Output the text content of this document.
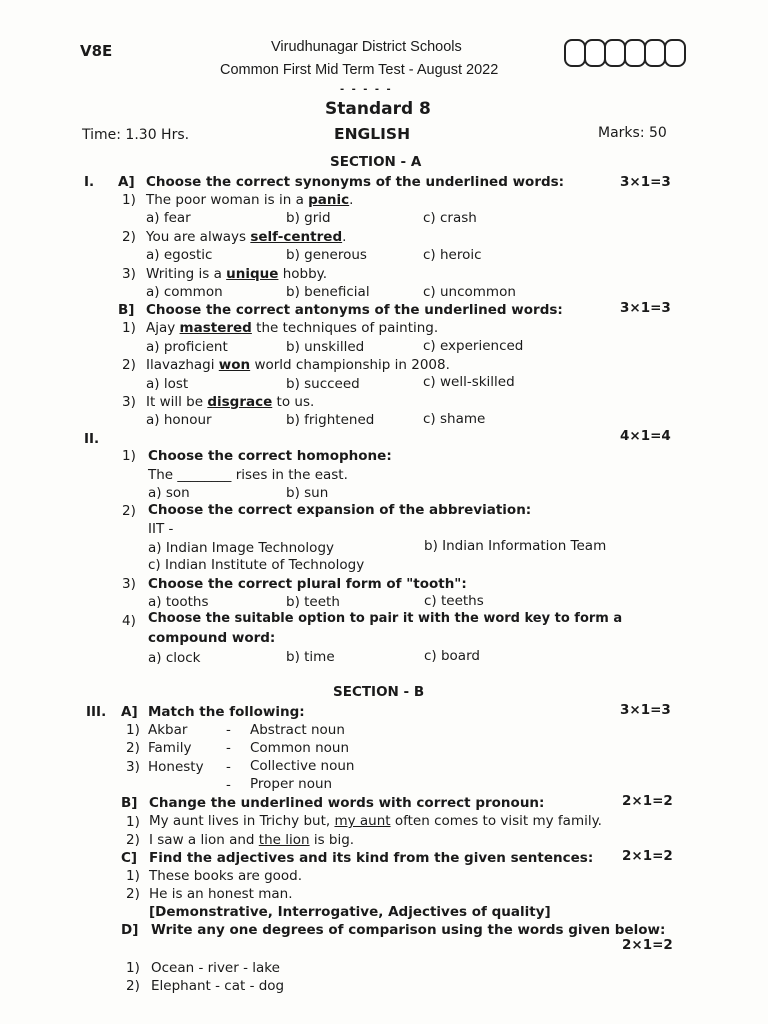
V8E	Virudhunagar District Schools
Common First Mid Term Test - August 2022
- - - - -
Standard 8
Time: 1.30 Hrs.	ENGLISH	Marks: 50
SECTION - A
I. A] Choose the correct synonyms of the underlined words:	3×1=3
1) The poor woman is in a panic.
a) fear	b) grid	c) crash
2) You are always self-centred.
a) egostic	b) generous	c) heroic
3) Writing is a unique hobby.
a) common	b) beneficial	c) uncommon
B] Choose the correct antonyms of the underlined words:	3×1=3
1) Ajay mastered the techniques of painting.
a) proficient	b) unskilled	c) experienced
2) Ilavazhagi won world championship in 2008.
a) lost	b) succeed	c) well-skilled
3) It will be disgrace to us.
a) honour	b) frightened	c) shame
II.	4×1=4
1) Choose the correct homophone:
The ________ rises in the east.
a) son	b) sun
2) Choose the correct expansion of the abbreviation:
IIT -
a) Indian Image Technology	b) Indian Information Team
c) Indian Institute of Technology
3) Choose the correct plural form of "tooth":
a) tooths	b) teeth	c) teeths
4) Choose the suitable option to pair it with the word key to form a
compound word:
a) clock	b) time	c) board
SECTION - B
III. A] Match the following:	3×1=3
1) Akbar	- Abstract noun
2) Family	- Common noun
3) Honesty - Collective noun
- Proper noun
B] Change the underlined words with correct pronoun:	2×1=2
1) My aunt lives in Trichy but, my aunt often comes to visit my family.
2) I saw a lion and the lion is big.
C] Find the adjectives and its kind from the given sentences: 2×1=2
1) These books are good.
2) He is an honest man.
[Demonstrative, Interrogative, Adjectives of quality]
D] Write any one degrees of comparison using the words given below:
2×1=2
1) Ocean - river - lake
2) Elephant - cat - dog
